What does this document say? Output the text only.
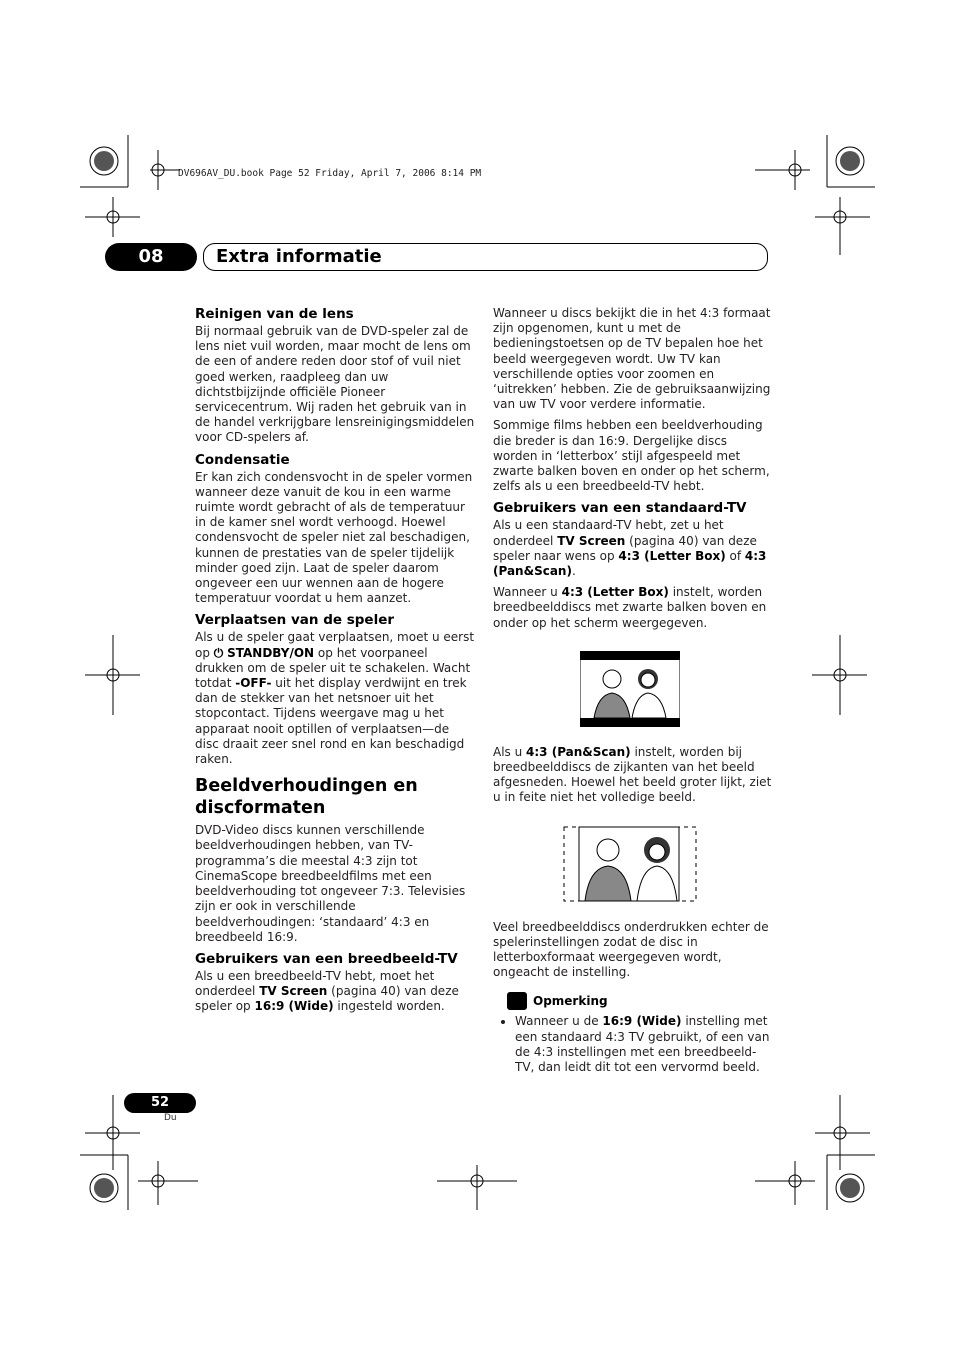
DV696AV_DU.book Page 52 Friday, April 7, 2006 8:14 PM
08	Extra informatie
Reinigen van de lens

Bij normaal gebruik van de DVD-speler zal de lens niet vuil worden, maar mocht de lens om de een of andere reden door stof of vuil niet goed werken, raadpleeg dan uw dichtstbijzijnde officiële Pioneer servicecentrum. Wij raden het gebruik van in de handel verkrijgbare lensreinigingsmiddelen voor CD-spelers af.

Condensatie

Er kan zich condensvocht in de speler vormen wanneer deze vanuit de kou in een warme ruimte wordt gebracht of als de temperatuur in de kamer snel wordt verhoogd. Hoewel condensvocht de speler niet zal beschadigen, kunnen de prestaties van de speler tijdelijk minder goed zijn. Laat de speler daarom ongeveer een uur wennen aan de hogere temperatuur voordat u hem aanzet.

Verplaatsen van de speler

Als u de speler gaat verplaatsen, moet u eerst op ⏻ STANDBY/ON op het voorpaneel drukken om de speler uit te schakelen. Wacht totdat -OFF- uit het display verdwijnt en trek dan de stekker van het netsnoer uit het stopcontact. Tijdens weergave mag u het apparaat nooit optillen of verplaatsen—de disc draait zeer snel rond en kan beschadigd raken.

Beeldverhoudingen en discformaten

DVD-Video discs kunnen verschillende beeldverhoudingen hebben, van TV-programma’s die meestal 4:3 zijn tot CinemaScope breedbeeldfilms met een beeldverhouding tot ongeveer 7:3. Televisies zijn er ook in verschillende beeldverhoudingen: ‘standaard’ 4:3 en breedbeeld 16:9.

Gebruikers van een breedbeeld-TV

Als u een breedbeeld-TV hebt, moet het onderdeel TV Screen (pagina 40) van deze speler op 16:9 (Wide) ingesteld worden.

Wanneer u discs bekijkt die in het 4:3 formaat zijn opgenomen, kunt u met de bedieningstoetsen op de TV bepalen hoe het beeld weergegeven wordt. Uw TV kan verschillende opties voor zoomen en ‘uitrekken’ hebben. Zie de gebruiksaanwijzing van uw TV voor verdere informatie.

Sommige films hebben een beeldverhouding die breder is dan 16:9. Dergelijke discs worden in ‘letterbox’ stijl afgespeeld met zwarte balken boven en onder op het scherm, zelfs als u een breedbeeld-TV hebt.

Gebruikers van een standaard-TV

Als u een standaard-TV hebt, zet u het onderdeel TV Screen (pagina 40) van deze speler naar wens op 4:3 (Letter Box) of 4:3 (Pan&Scan).

Wanneer u 4:3 (Letter Box) instelt, worden breedbeelddiscs met zwarte balken boven en onder op het scherm weergegeven.

Als u 4:3 (Pan&Scan) instelt, worden bij breedbeelddiscs de zijkanten van het beeld afgesneden. Hoewel het beeld groter lijkt, ziet u in feite niet het volledige beeld.

Veel breedbeelddiscs onderdrukken echter de spelerinstellingen zodat de disc in letterboxformaat weergegeven wordt, ongeacht de instelling.

Opmerking
• Wanneer u de 16:9 (Wide) instelling met een standaard 4:3 TV gebruikt, of een van de 4:3 instellingen met een breedbeeld-TV, dan leidt dit tot een vervormd beeld.
52
Du
